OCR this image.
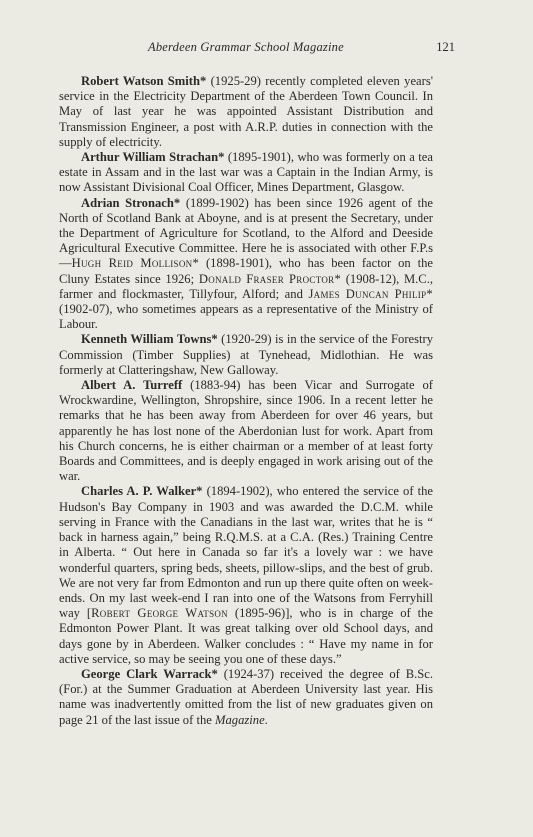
Aberdeen Grammar School Magazine	121

Robert Watson Smith* (1925-29) recently completed eleven years' service in the Electricity Department of the Aberdeen Town Council. In May of last year he was appointed Assistant Distribution and Transmission Engineer, a post with A.R.P. duties in connection with the supply of electricity.

Arthur William Strachan* (1895-1901), who was formerly on a tea estate in Assam and in the last war was a Captain in the Indian Army, is now Assistant Divisional Coal Officer, Mines Department, Glasgow.

Adrian Stronach* (1899-1902) has been since 1926 agent of the North of Scotland Bank at Aboyne, and is at present the Secretary, under the Department of Agriculture for Scotland, to the Alford and Deeside Agricultural Executive Committee. Here he is associated with other F.P.s—Hugh Reid Mollison* (1898-1901), who has been factor on the Cluny Estates since 1926; Donald Fraser Proctor* (1908-12), M.C., farmer and flockmaster, Tillyfour, Alford; and James Duncan Philip* (1902-07), who sometimes appears as a representative of the Ministry of Labour.

Kenneth William Towns* (1920-29) is in the service of the Forestry Commission (Timber Supplies) at Tynehead, Midlothian. He was formerly at Clatteringshaw, New Galloway.

Albert A. Turreff (1883-94) has been Vicar and Surrogate of Wrockwardine, Wellington, Shropshire, since 1906. In a recent letter he remarks that he has been away from Aberdeen for over 46 years, but apparently he has lost none of the Aberdonian lust for work. Apart from his Church concerns, he is either chairman or a member of at least forty Boards and Committees, and is deeply engaged in work arising out of the war.

Charles A. P. Walker* (1894-1902), who entered the service of the Hudson's Bay Company in 1903 and was awarded the D.C.M. while serving in France with the Canadians in the last war, writes that he is “ back in harness again,” being R.Q.M.S. at a C.A. (Res.) Training Centre in Alberta. “ Out here in Canada so far it's a lovely war : we have wonderful quarters, spring beds, sheets, pillow-slips, and the best of grub. We are not very far from Edmonton and run up there quite often on week-ends. On my last week-end I ran into one of the Watsons from Ferryhill way [Robert George Watson (1895-96)], who is in charge of the Edmonton Power Plant. It was great talking over old School days, and days gone by in Aberdeen. Walker concludes : “ Have my name in for active service, so may be seeing you one of these days.”

George Clark Warrack* (1924-37) received the degree of B.Sc. (For.) at the Summer Graduation at Aberdeen University last year. His name was inadvertently omitted from the list of new graduates given on page 21 of the last issue of the Magazine.
